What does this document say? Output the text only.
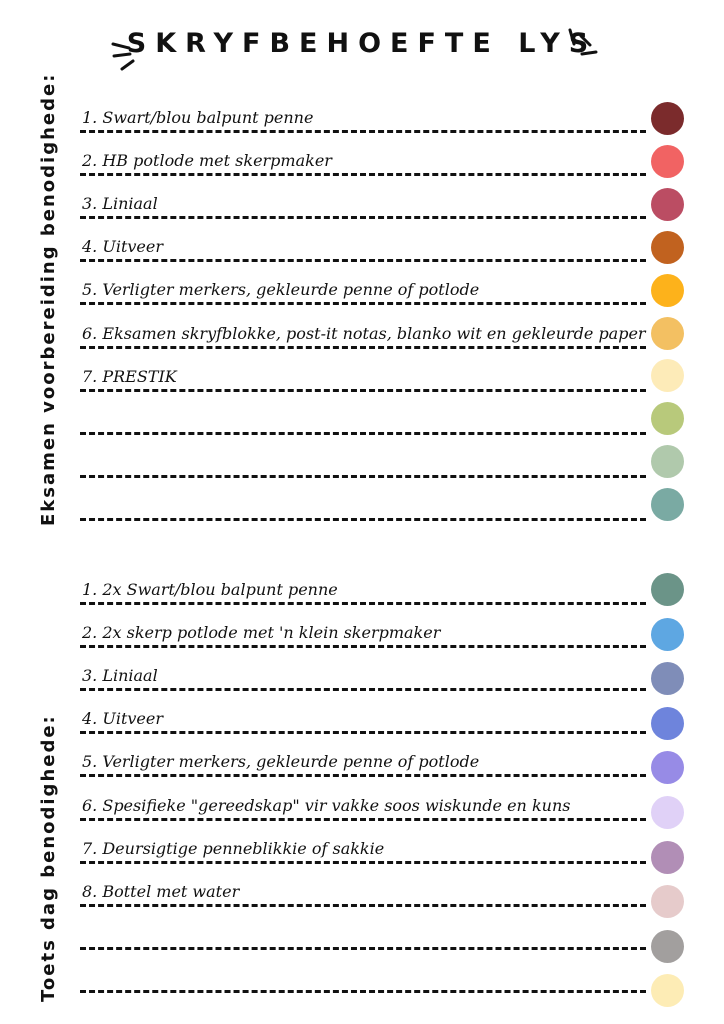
SKRYFBEHOEFTE LYS
Eksamen voorbereiding benodighede:
Toets dag benodighede:
1. Swart/blou balpunt penne
2. HB potlode met skerpmaker
3. Liniaal
4. Uitveer
5. Verligter merkers, gekleurde penne of potlode
6. Eksamen skryfblokke, post-it notas, blanko wit en gekleurde paper
7. PRESTIK
1. 2x Swart/blou balpunt penne
2. 2x skerp potlode met 'n klein skerpmaker
3. Liniaal
4. Uitveer
5. Verligter merkers, gekleurde penne of potlode
6. Spesifieke "gereedskap" vir vakke soos wiskunde en kuns
7. Deursigtige penneblikkie of sakkie
8. Bottel met water
